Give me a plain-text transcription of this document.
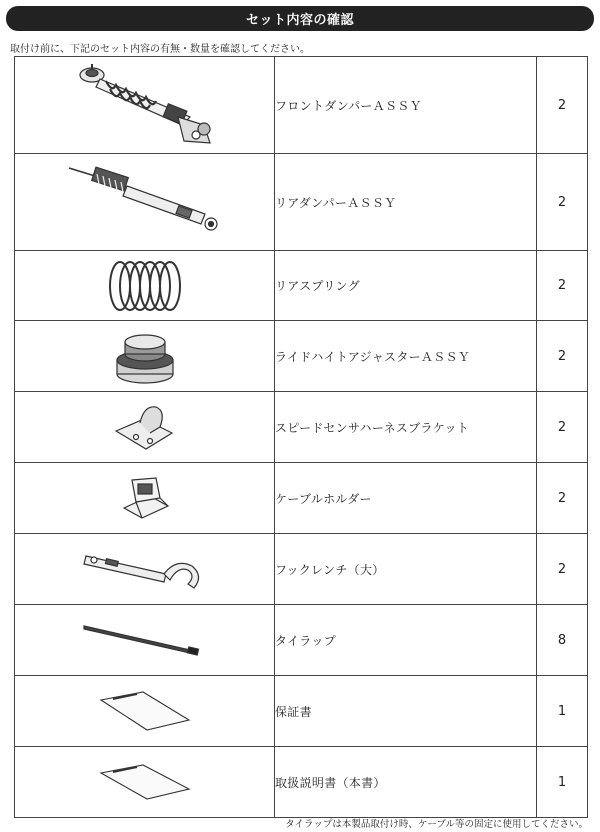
セット内容の確認
取付け前に、下記のセット内容の有無・数量を確認してください。
	フロントダンパーＡＳＳＹ	2

	リアダンパーＡＳＳＹ	2

	リアスプリング	2

	ライドハイトアジャスターＡＳＳＹ	2

	スピードセンサハーネスブラケット	2

	ケーブルホルダー	2

	フックレンチ（大）	2

	タイラップ	8

	保証書	1

	取扱説明書（本書）	1
タイラップは本製品取付け時、ケーブル等の固定に使用してください。
